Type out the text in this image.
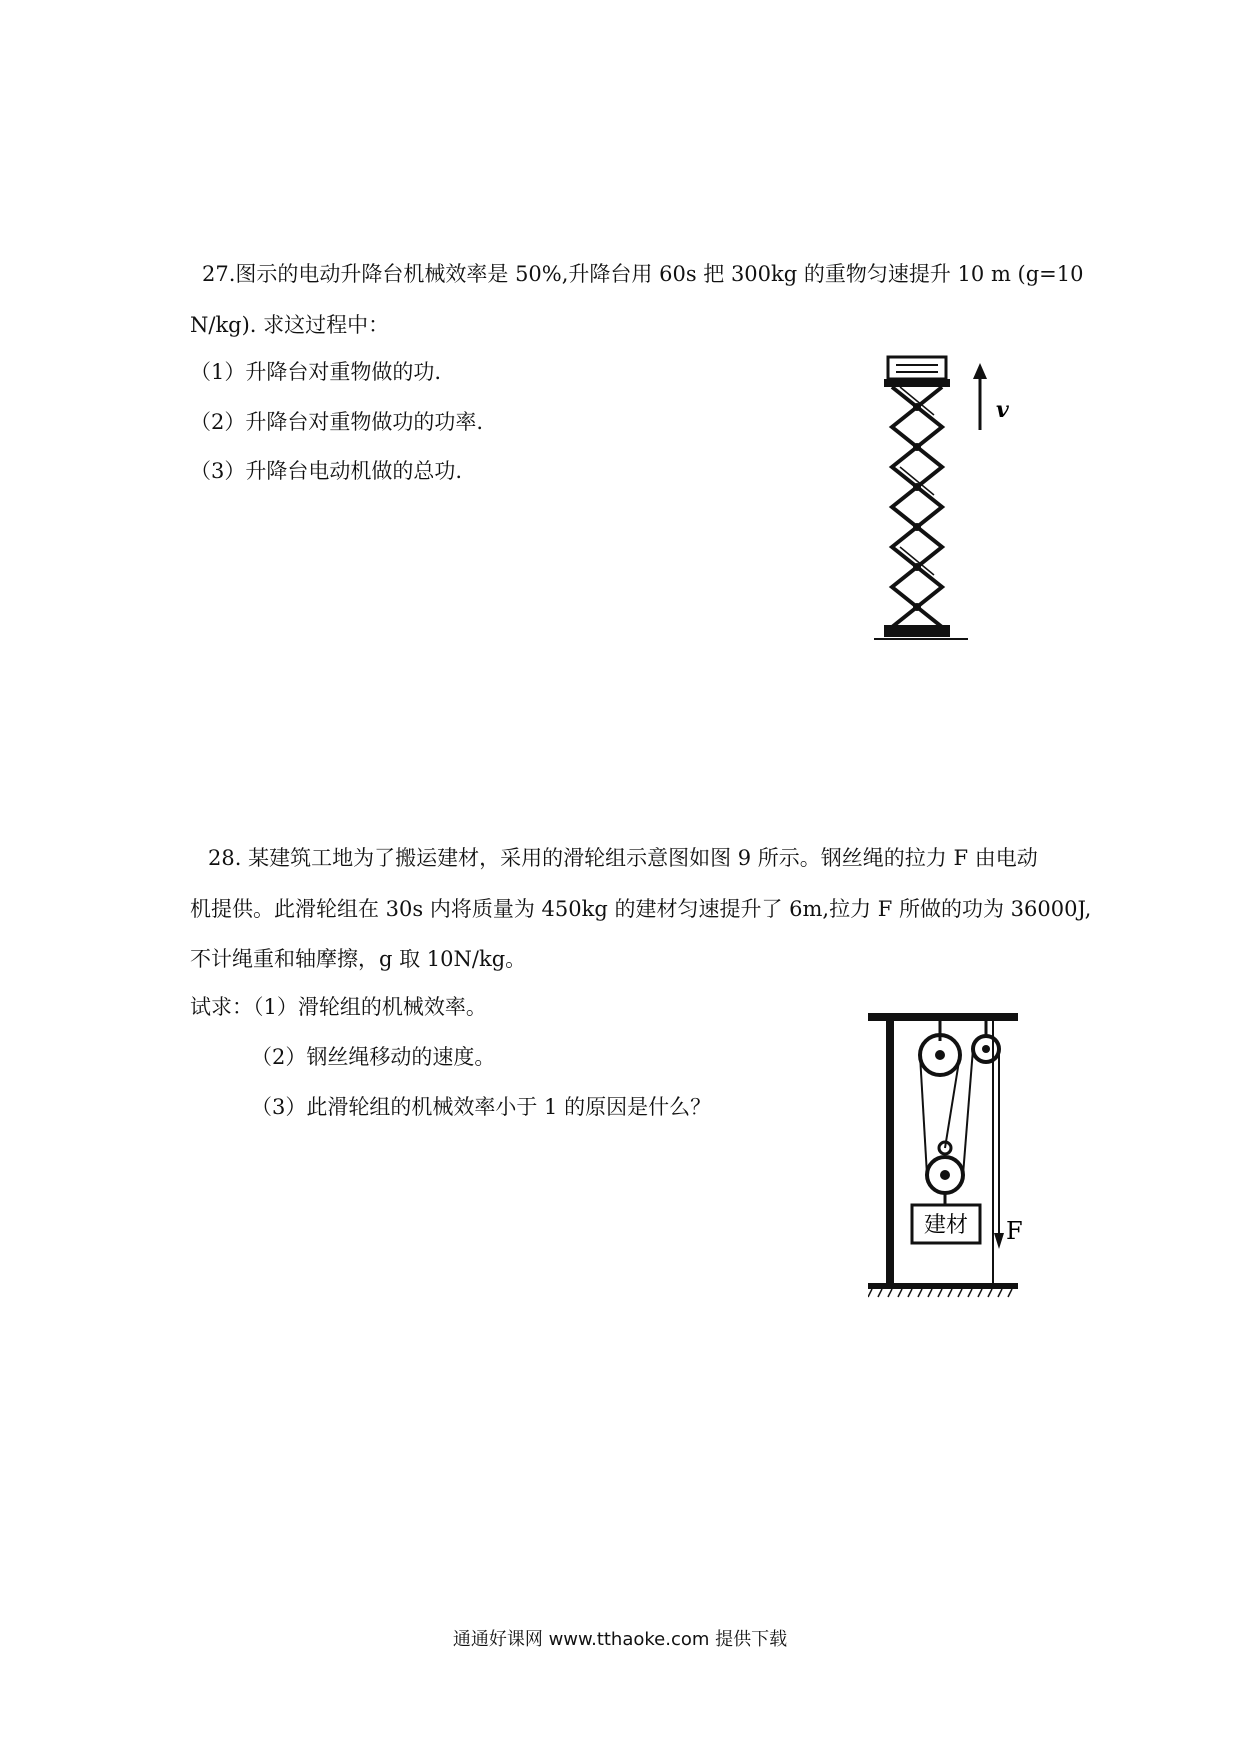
27.图示的电动升降台机械效率是 50%,升降台用 60s 把 300kg 的重物匀速提升 10 m (g=10
N/kg). 求这过程中：
（1）升降台对重物做的功.
（2）升降台对重物做功的功率.
（3）升降台电动机做的总功.
v
28. 某建筑工地为了搬运建材，采用的滑轮组示意图如图 9 所示。钢丝绳的拉力 F 由电动
机提供。此滑轮组在 30s 内将质量为 450kg 的建材匀速提升了 6m,拉力 F 所做的功为 36000J,
不计绳重和轴摩擦，g 取 10N/kg。
试求：（1）滑轮组的机械效率。
（2）钢丝绳移动的速度。
（3）此滑轮组的机械效率小于 1 的原因是什么？
建材 F
通通好课网 www.tthaoke.com 提供下载
